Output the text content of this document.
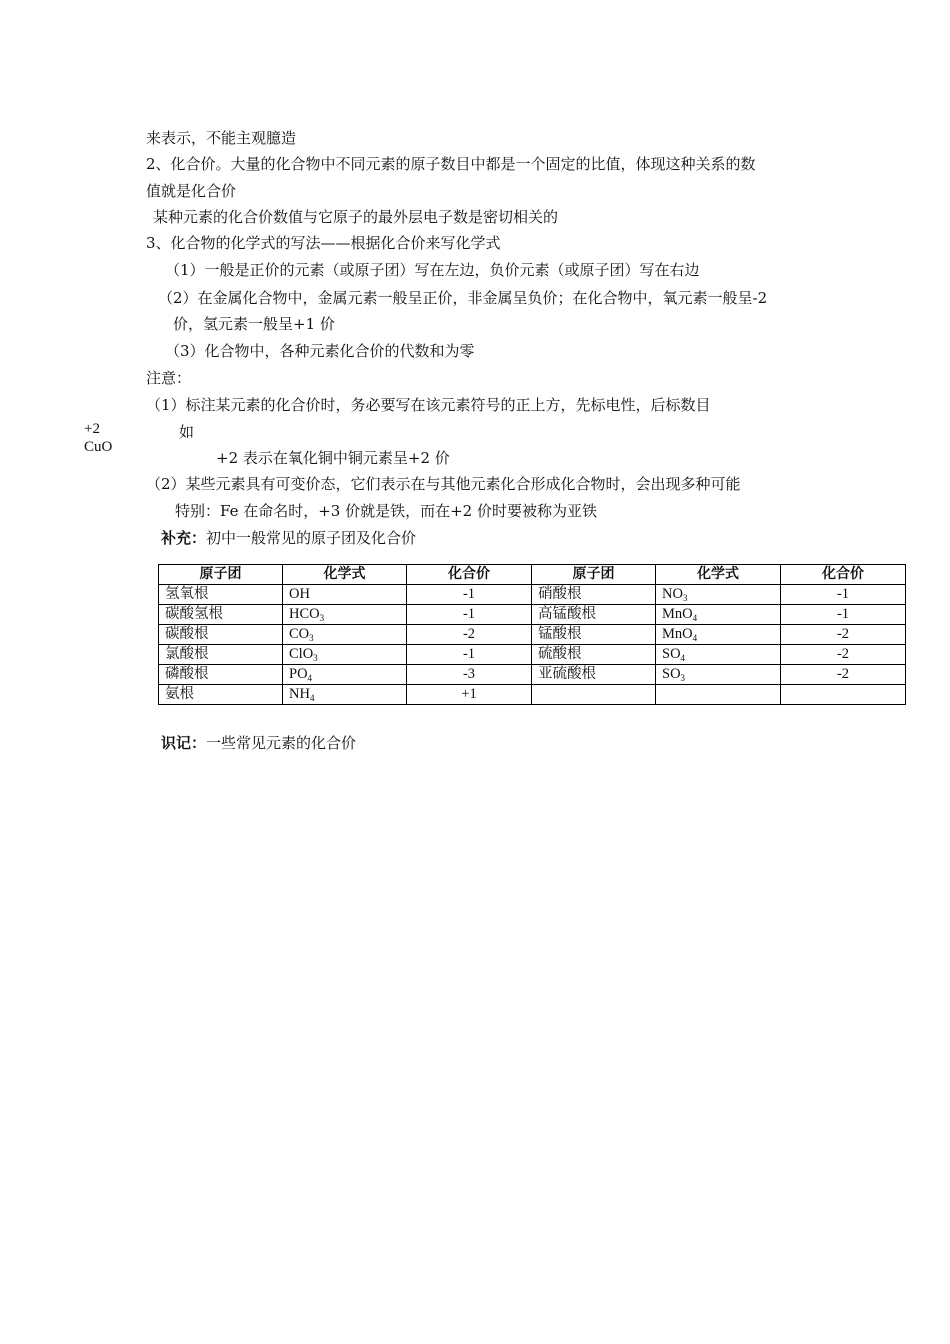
来表示，不能主观臆造
2、化合价。大量的化合物中不同元素的原子数目中都是一个固定的比值，体现这种关系的数
值就是化合价
某种元素的化合价数值与它原子的最外层电子数是密切相关的
3、化合物的化学式的写法——根据化合价来写化学式
（1）一般是正价的元素（或原子团）写在左边，负价元素（或原子团）写在右边
（2）在金属化合物中，金属元素一般呈正价，非金属呈负价；在化合物中，氧元素一般呈-2
价，氢元素一般呈+1 价
（3）化合物中，各种元素化合价的代数和为零
注意：
（1）标注某元素的化合价时，务必要写在该元素符号的正上方，先标电性，后标数目
+2
CuO
如
+2 表示在氧化铜中铜元素呈+2 价
（2）某些元素具有可变价态，它们表示在与其他元素化合形成化合物时，会出现多种可能
特别：Fe 在命名时，+3 价就是铁，而在+2 价时要被称为亚铁
补充：初中一般常见的原子团及化合价
原子团	化学式	化合价	原子团	化学式	化合价
氢氧根	OH	-1	硝酸根	$NO_3$	-1
碳酸氢根	$HCO_3$	-1	高锰酸根	MnO$_4$	-1
碳酸根	$CO_3$	-2	锰酸根	MnO$_4$	-2
氯酸根	ClO$_3$	-1	硫酸根	$SO_4$	-2
磷酸根	$PO_4$	-3	亚硫酸根	$SO_3$	-2
氨根	$NH_4$	+1			
识记：一些常见元素的化合价
